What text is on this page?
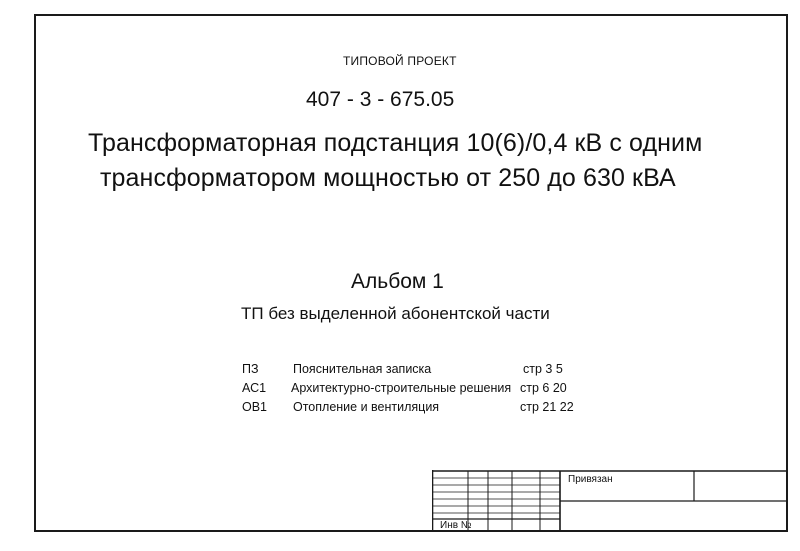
ТИПОВОЙ ПРОЕКТ
407 - 3 - 675.05
Трансформаторная подстанция 10(6)/0,4 кВ с одним
трансформатором мощностью от 250 до 630 кВА
Альбом 1
ТП без выделенной абонентской части
ПЗ	Пояснительная записка	стр 3 5
АС1 Архитектурно-строительные решения стр 6 20
ОВ1 Отопление и вентиляция	стр 21 22
Привязан
Инв №
